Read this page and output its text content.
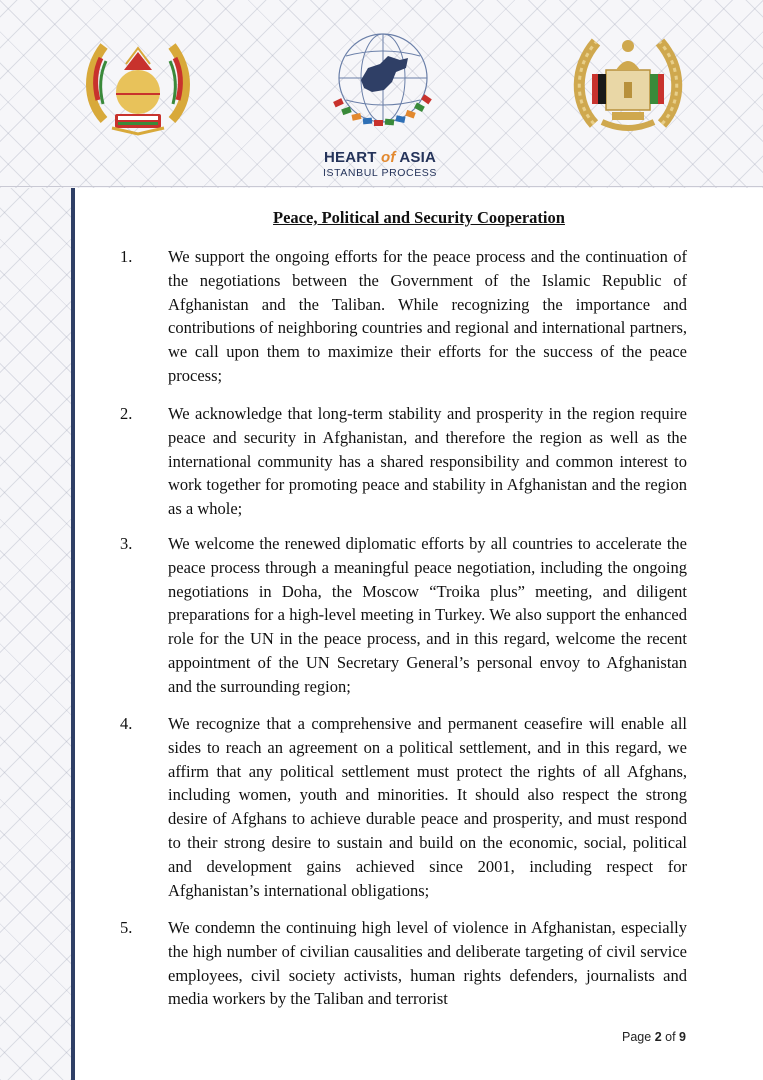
HEART of ASIA
ISTANBUL PROCESS
Peace, Political and Security Cooperation
1. We support the ongoing efforts for the peace process and the continuation of the negotiations between the Government of the Islamic Republic of Afghanistan and the Taliban. While recognizing the importance and contributions of neighboring countries and regional and international partners, we call upon them to maximize their efforts for the success of the peace process;
2. We acknowledge that long-term stability and prosperity in the region require peace and security in Afghanistan, and therefore the region as well as the international community has a shared responsibility and common interest to work together for promoting peace and stability in Afghanistan and the region as a whole;
3. We welcome the renewed diplomatic efforts by all countries to accelerate the peace process through a meaningful peace negotiation, including the ongoing negotiations in Doha, the Moscow “Troika plus” meeting, and diligent preparations for a high-level meeting in Turkey. We also support the enhanced role for the UN in the peace process, and in this regard, welcome the recent appointment of the UN Secretary General’s personal envoy to Afghanistan and the surrounding region;
4. We recognize that a comprehensive and permanent ceasefire will enable all sides to reach an agreement on a political settlement, and in this regard, we affirm that any political settlement must protect the rights of all Afghans, including women, youth and minorities. It should also respect the strong desire of Afghans to achieve durable peace and prosperity, and must respond to their strong desire to sustain and build on the economic, social, political and development gains achieved since 2001, including respect for Afghanistan’s international obligations;
5. We condemn the continuing high level of violence in Afghanistan, especially the high number of civilian causalities and deliberate targeting of civil service employees, civil society activists, human rights defenders, journalists and media workers by the Taliban and terrorist
Page 2 of 9
